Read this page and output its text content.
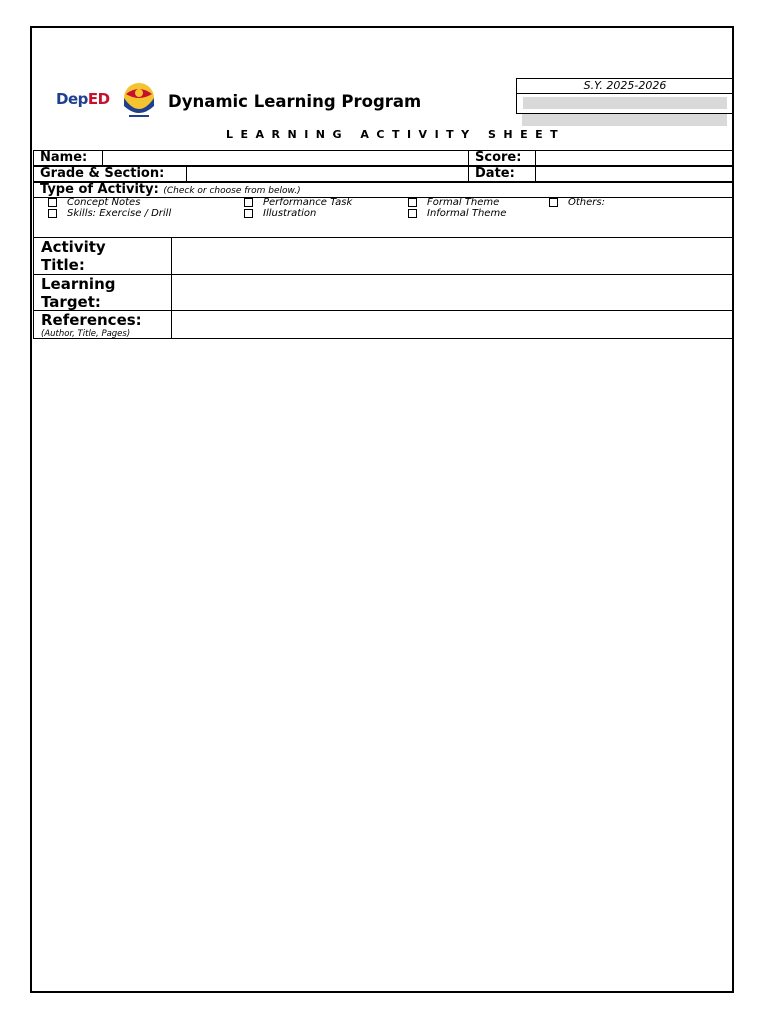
DepED	Dynamic Learning Program
S.Y. 2025-2026
LEARNING ACTIVITY SHEET
Name:	Score:
Grade & Section:	Date:
Type of Activity: (Check or choose from below.)
Concept Notes	Performance Task	Formal Theme	Others:
Skills: Exercise / Drill	Illustration	Informal Theme
Activity
Title:
Learning
Target:
References:
(Author, Title, Pages)
